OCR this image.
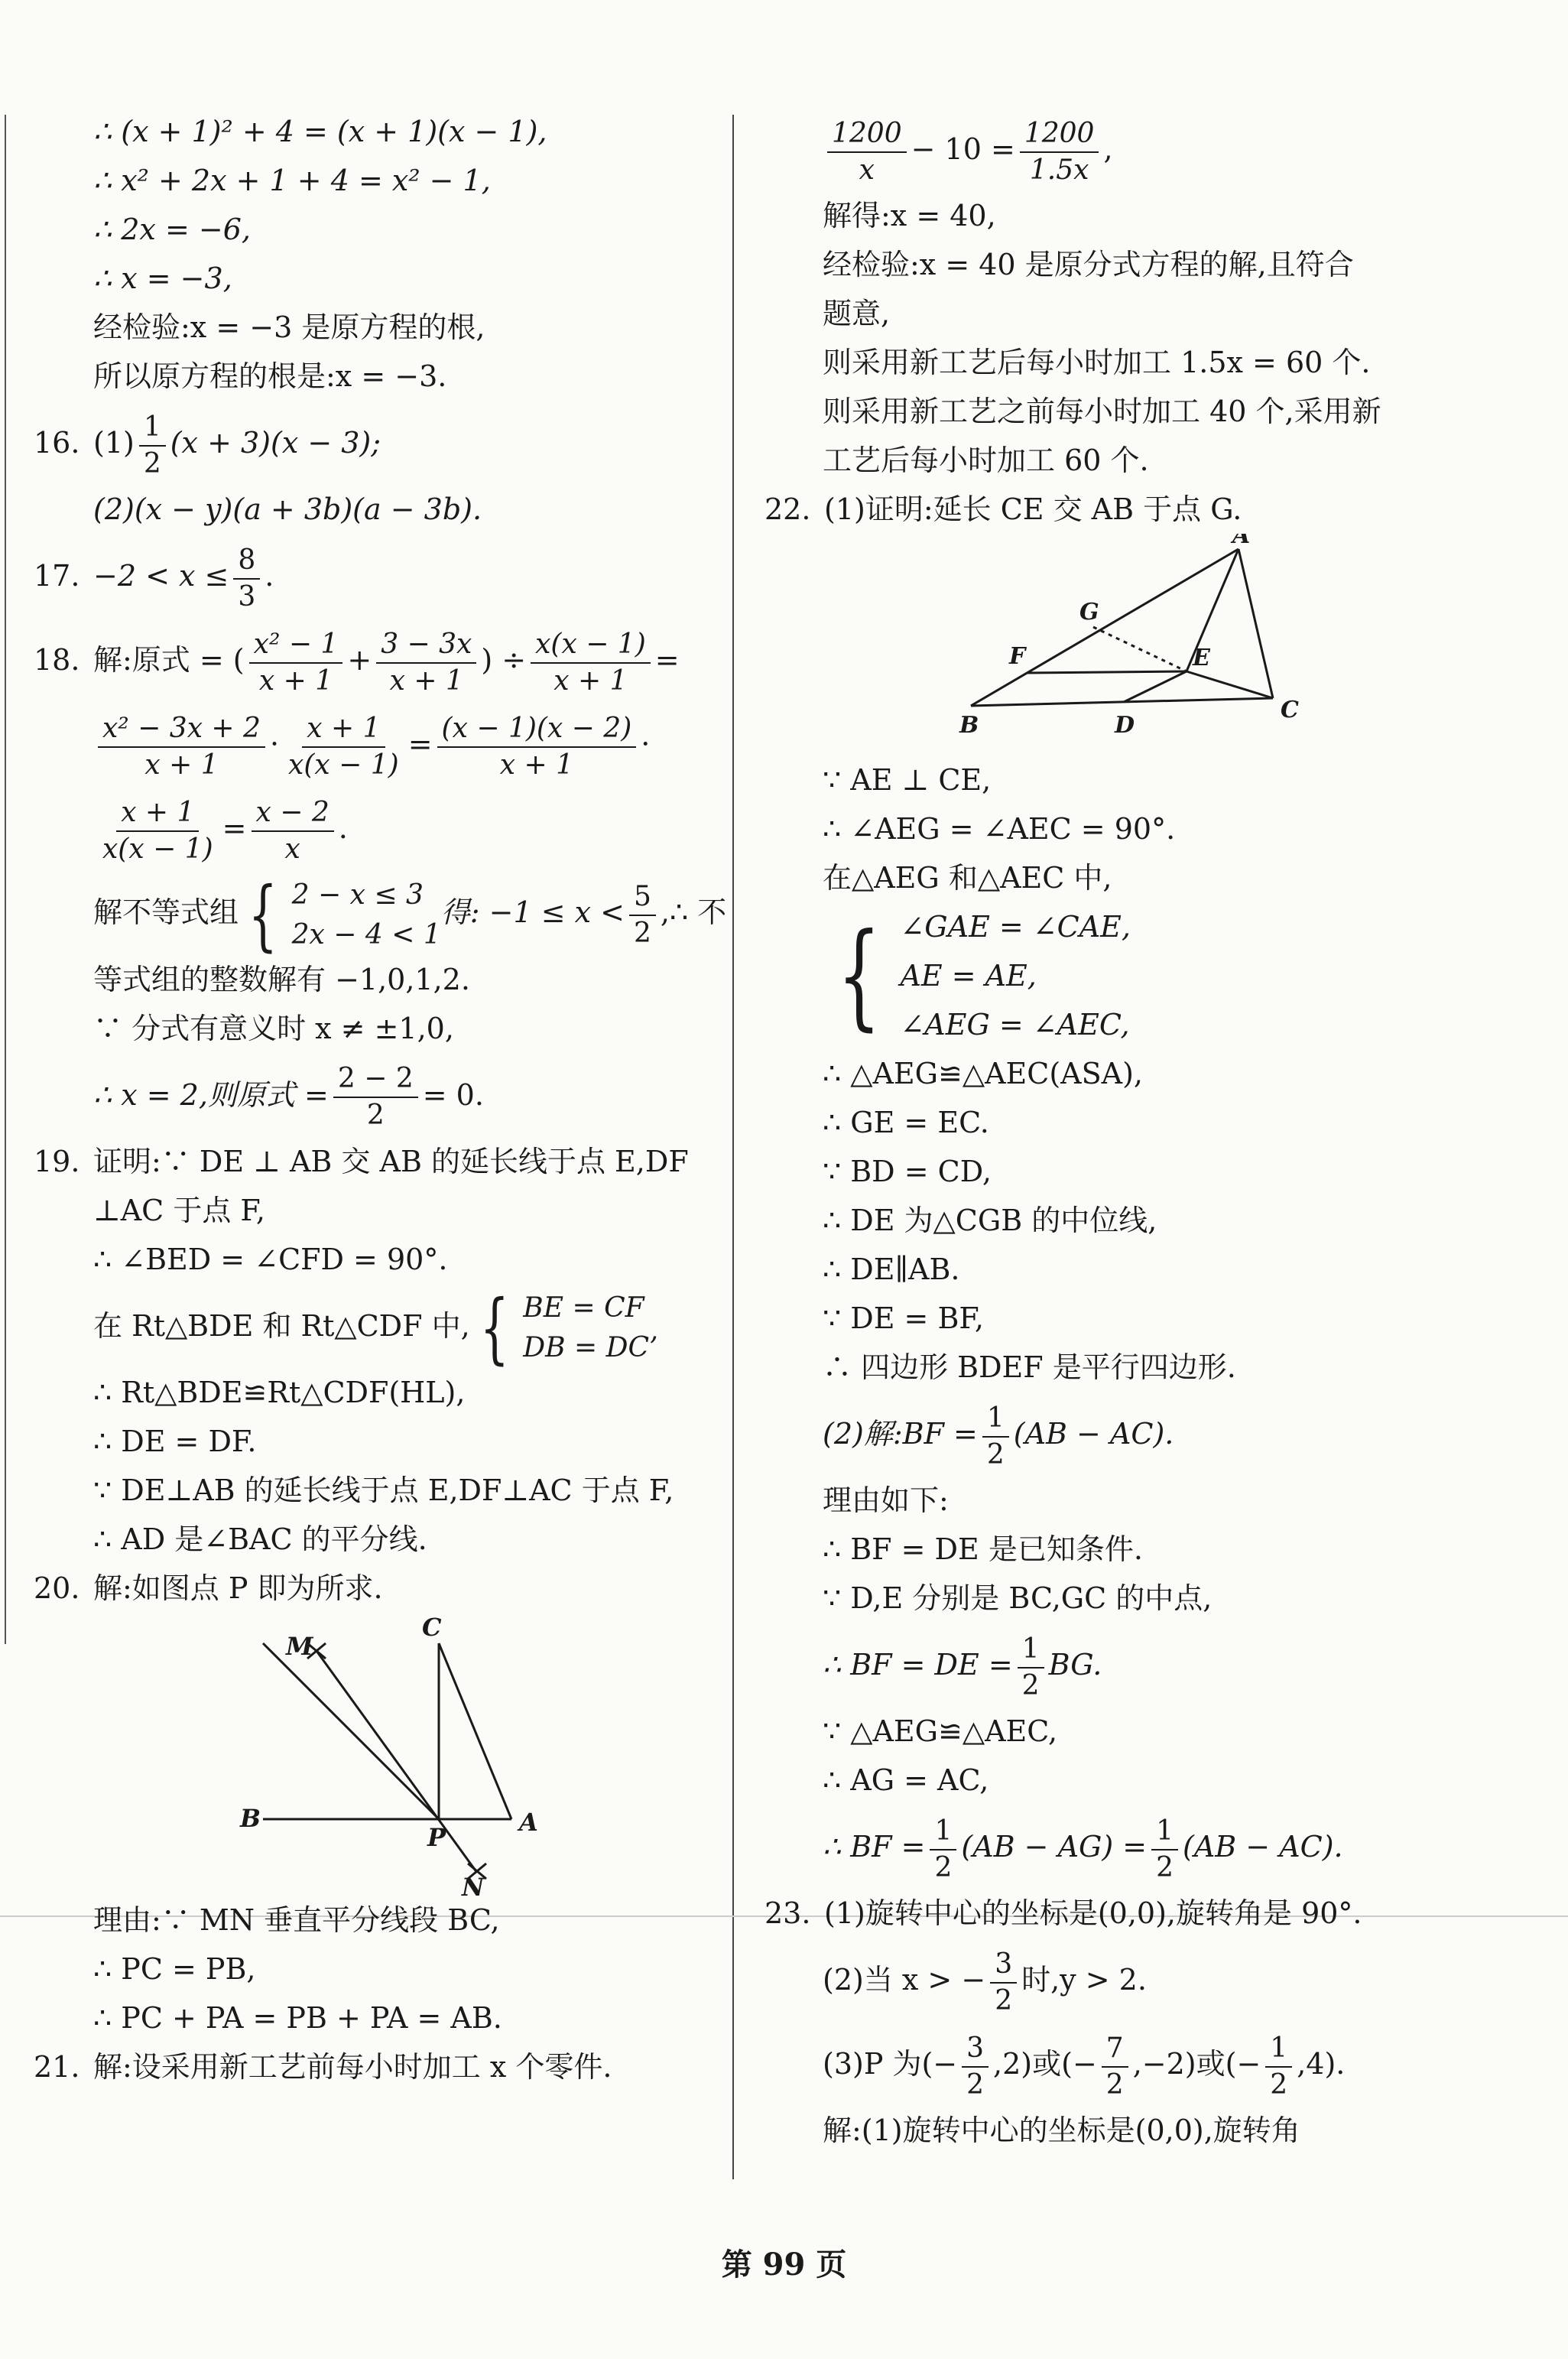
∴ (x + 1)² + 4 = (x + 1)(x − 1),
∴ x² + 2x + 1 + 4 = x² − 1,
∴ 2x = −6,
∴ x = −3,
经检验:x = −3 是原方程的根,
所以原方程的根是:x = −3.
16. $(1) \frac{1}{2} (x + 3)(x - 3)$;
(2)(x − y)(a + 3b)(a − 3b).
17. $-2 < x \le \frac{8}{3}$ .
18. 解:原式 = ( $\frac{\text{x² − 1}}{x + 1} + \frac{3 - 3x}{x + 1}$ ) ÷ $\frac{x(x - 1)}{x + 1}$ =
$\frac{\text{x² − 3x + 2}}{x + 1} \cdot \frac{x + 1}{x(x - 1)} = \frac{(x - 1)(x - 2)}{x + 1}$ ·
$\frac{x + 1}{x(x - 1)} = \frac{x - 2}{x}$ .
解不等式组 { 2 − x ≤ 3
2x − 4 < 1
得: $-1 \le x < \frac{5}{2}$ ,∴ 不
等式组的整数解有 −1,0,1,2.
∵ 分式有意义时 x ≠ ±1,0,
∴ x = 2,则原式 = $\frac{2 - 2}{2} = 0$.
19. 证明:∵ DE ⊥ AB 交 AB 的延长线于点 E,DF
⊥AC 于点 F,
∴ ∠BED = ∠CFD = 90°.
在 Rt△BDE 和 Rt△CDF 中, { BE = CF
DB = DC’
∴ Rt△BDE≌Rt△CDF(HL),
∴ DE = DF.
∵ DE⊥AB 的延长线于点 E,DF⊥AC 于点 F,
∴ AD 是∠BAC 的平分线.
20. 解:如图点 P 即为所求.
M
C
B
P
A
N
理由:∵ MN 垂直平分线段 BC,
∴ PC = PB,
∴ PC + PA = PB + PA = AB.
21. 解:设采用新工艺前每小时加工 x 个零件.
$\frac{1200}{x} - 10 = \frac{1200}{1.5x}$ ,
解得:x = 40,
经检验:x = 40 是原分式方程的解,且符合
题意,
则采用新工艺后每小时加工 1.5x = 60 个.
则采用新工艺之前每小时加工 40 个,采用新
工艺后每小时加工 60 个.
22. (1)证明:延长 CE 交 AB 于点 G.
A
G
F	E
B	D
C
∵ AE ⊥ CE,
∴ ∠AEG = ∠AEC = 90°.
在△AEG 和△AEC 中,
{ ∠GAE = ∠CAE,
AE = AE,
∠AEG = ∠AEC,
∴ △AEG≌△AEC(ASA),
∴ GE = EC.
∵ BD = CD,
∴ DE 为△CGB 的中位线,
∴ DE∥AB.
∵ DE = BF,
∴ 四边形 BDEF 是平行四边形.
(2)解:BF = $\frac{1}{2} (AB - AC)$.
理由如下:
∴ BF = DE 是已知条件.
∵ D,E 分别是 BC,GC 的中点,
∴ BF = DE = $\frac{1}{2}$ BG.
∵ △AEG≌△AEC,
∴ AG = AC,
∴ BF = $\frac{1}{2} (AB - AG) = \frac{1}{2} (AB - AC)$.
23. (1)旋转中心的坐标是(0,0),旋转角是 90°.
(2)当 x > − $\frac{3}{2}$ 时,y > 2.
(3)P 为(− $\frac{3}{2} ,2$)或(− $\frac{7}{2} ,-2$)或(− $\frac{1}{2} ,4$).
解:(1)旋转中心的坐标是(0,0),旋转角
第 99 页
